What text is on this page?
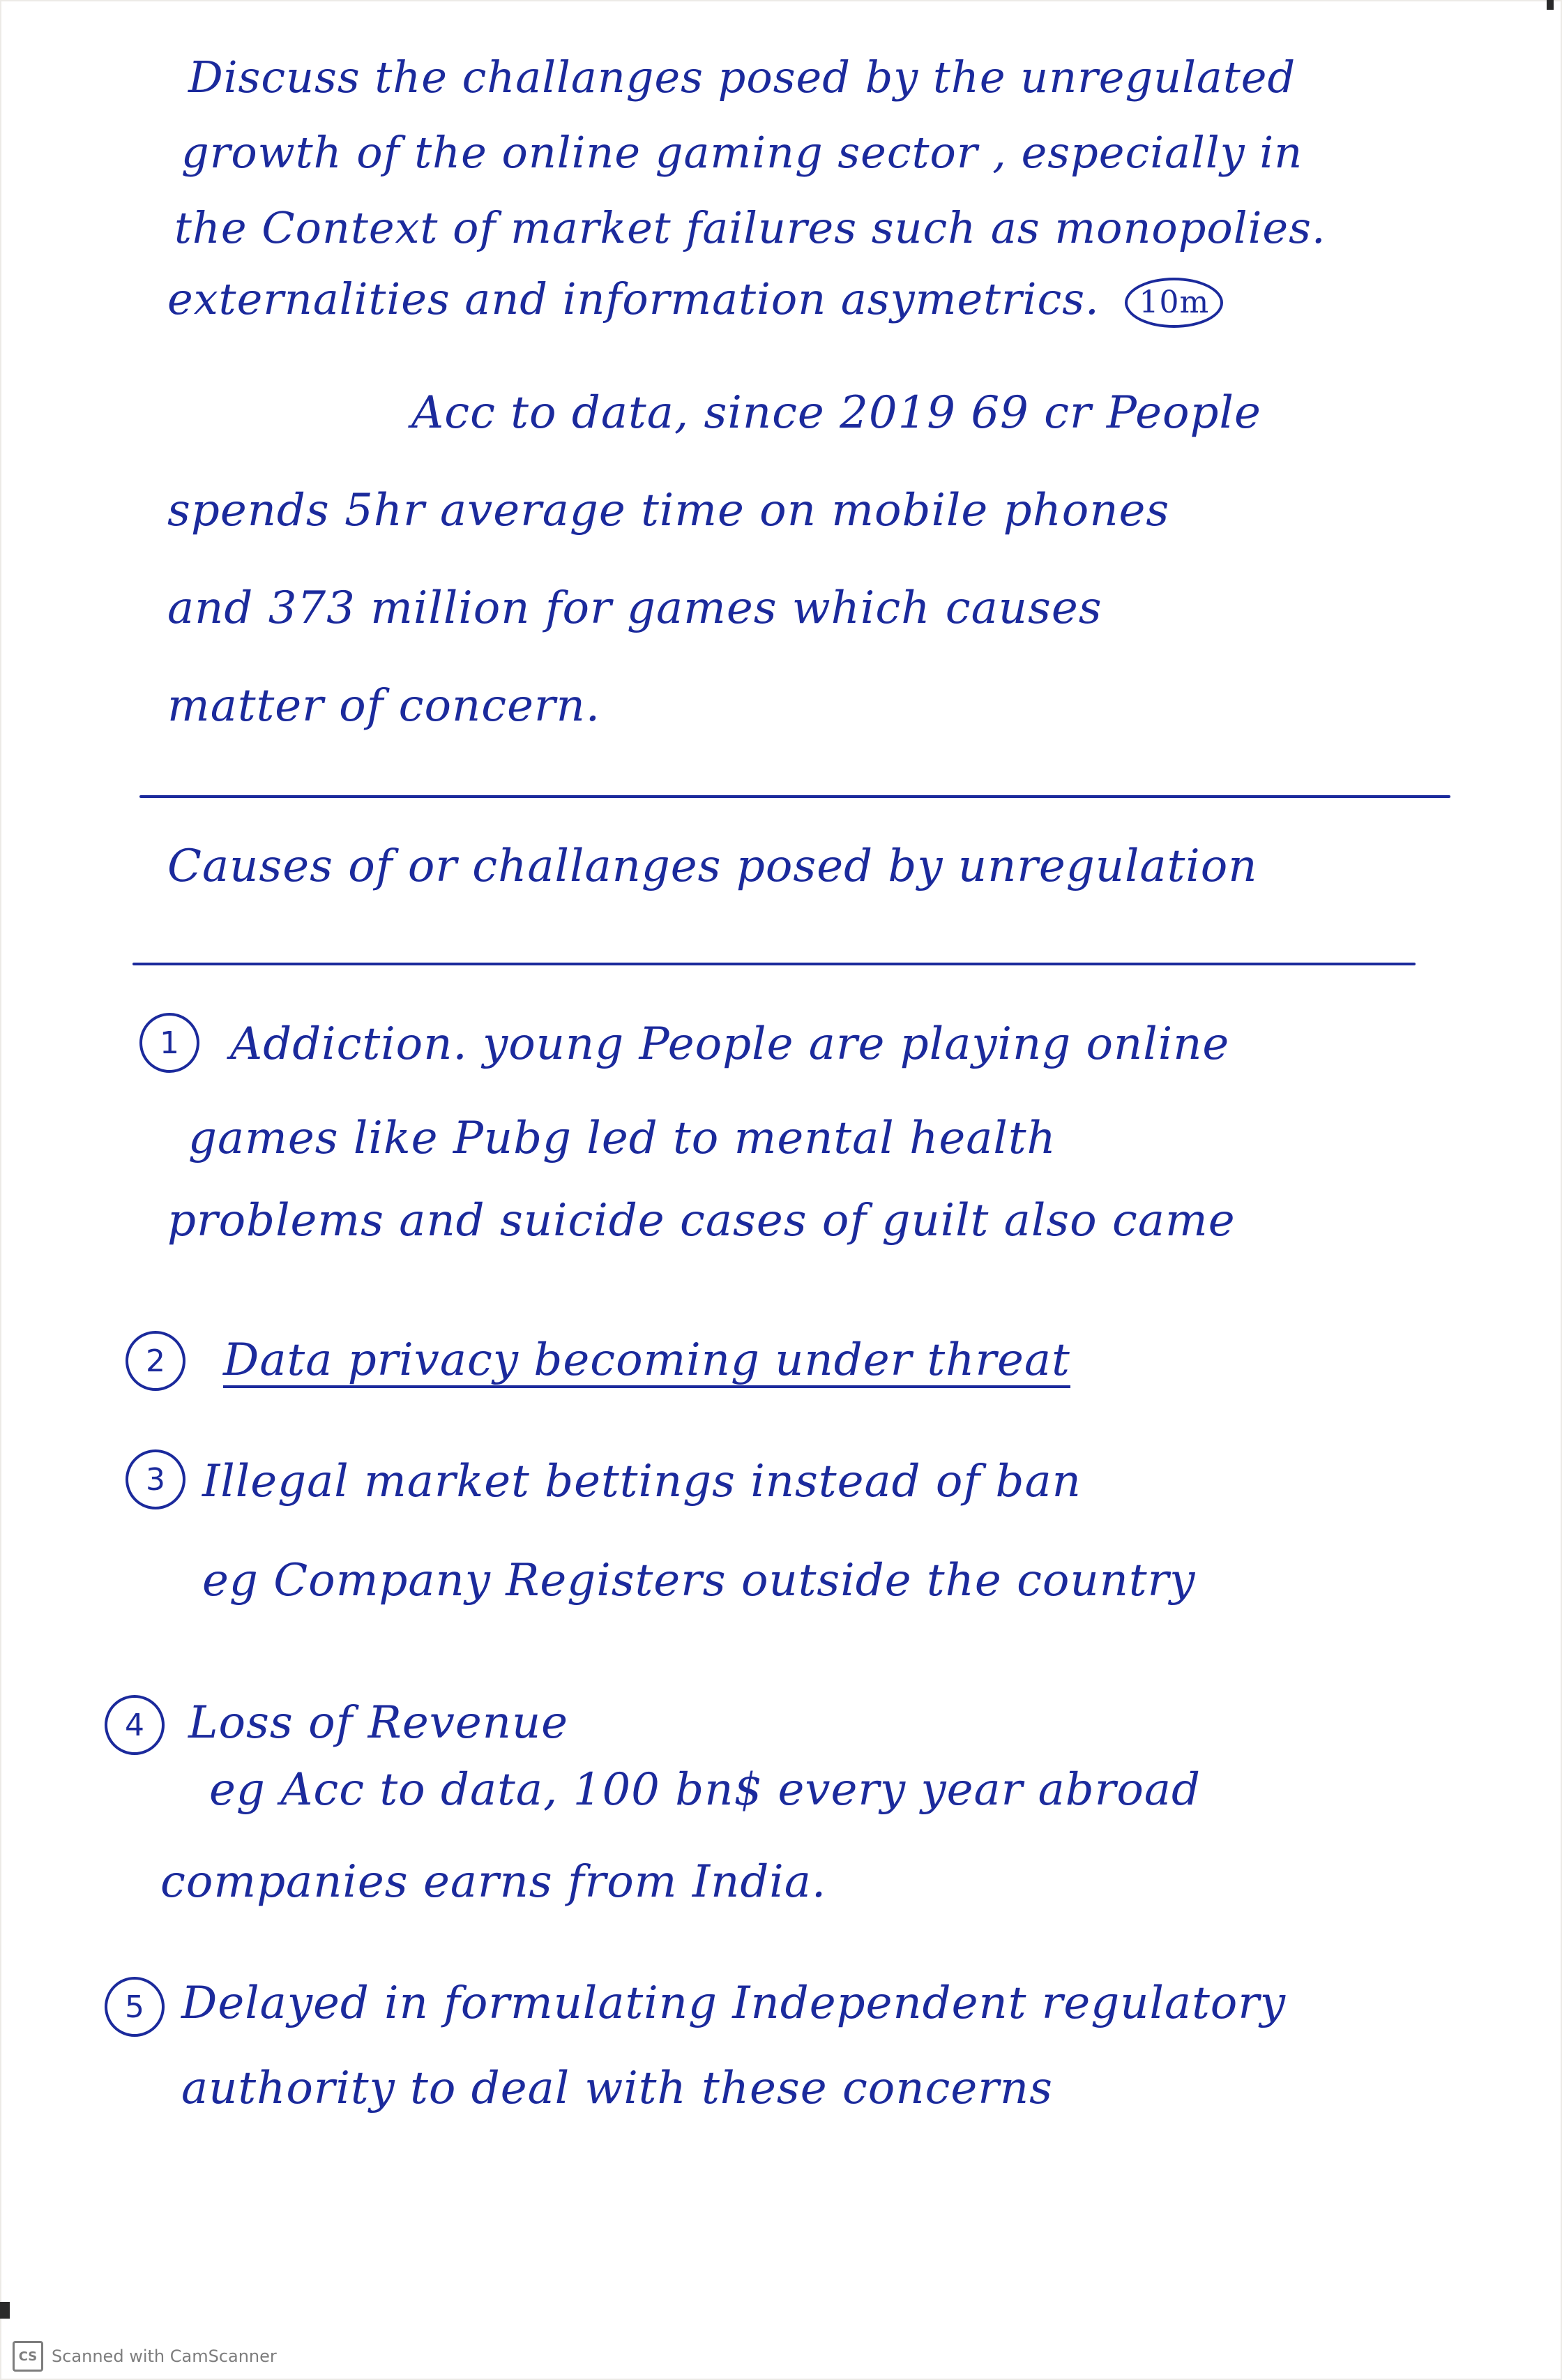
Discuss the challanges posed by the unregulated
growth of the online gaming sector , especially in
the Context of market failures such as monopolies.
externalities and information asymetrics. 10m
Acc to data, since 2019 69 cr People
spends 5hr average time on mobile phones
and 373 million for games which causes
matter of concern.
Causes of or challanges posed by unregulation
1	Addiction. young People are playing online
games like Pubg led to mental health
problems and suicide cases of guilt also came
2	Data privacy becoming under threat
3 Illegal market bettings instead of ban
eg Company Registers outside the country
4 Loss of Revenue
eg Acc to data, 100 bn$ every year abroad
companies earns from India.
5 Delayed in formulating Independent regulatory
authority to deal with these concerns
CS Scanned with CamScanner
